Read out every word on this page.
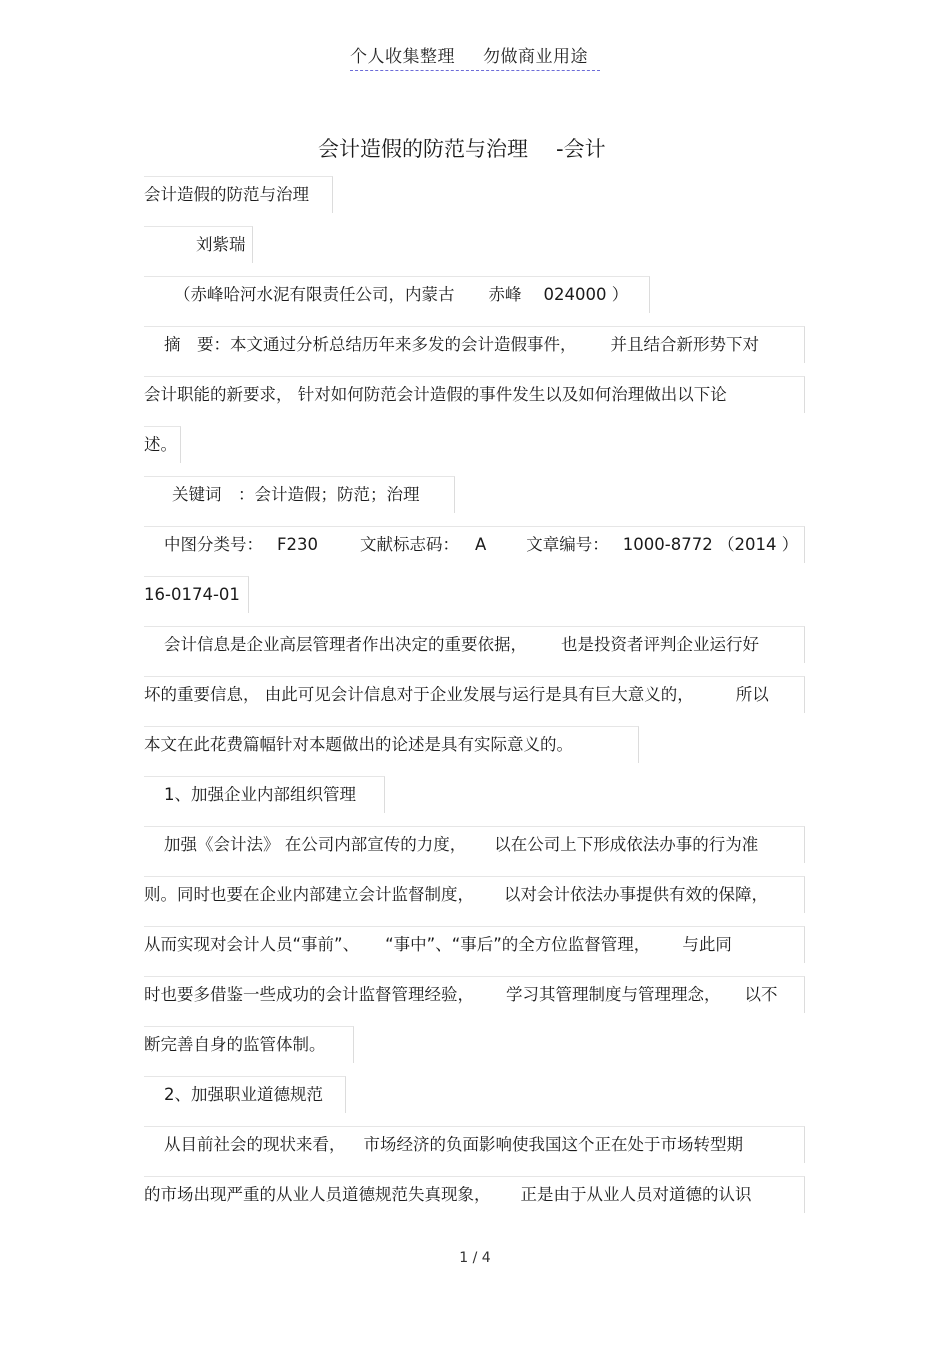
个人收集整理 勿做商业用途
会计造假的防范与治理 -会计
会计造假的防范与治理
刘紫瑞
（赤峰哈河水泥有限责任公司，内蒙古 赤峰 024000 ）
摘　要：本文通过分析总结历年来多发的会计造假事件， 并且结合新形势下对
会计职能的新要求， 针对如何防范会计造假的事件发生以及如何治理做出以下论
述。
关键词　：会计造假；防范；治理
中图分类号： F230	文献标志码： A 文章编号： 1000-8772 （2014 ）
16-0174-01
会计信息是企业高层管理者作出决定的重要依据， 也是投资者评判企业运行好
坏的重要信息， 由此可见会计信息对于企业发展与运行是具有巨大意义的，	所以
本文在此花费篇幅针对本题做出的论述是具有实际意义的。
1、加强企业内部组织管理
加强《会计法》 在公司内部宣传的力度， 以在公司上下形成依法办事的行为准
则。同时也要在企业内部建立会计监督制度， 以对会计依法办事提供有效的保障，
从而实现对会计人员“事前”、 “事中”、“事后”的全方位监督管理， 与此同
时也要多借鉴一些成功的会计监督管理经验， 学习其管理制度与管理理念， 以不
断完善自身的监管体制。
2、加强职业道德规范
从目前社会的现状来看， 市场经济的负面影响使我国这个正在处于市场转型期
的市场出现严重的从业人员道德规范失真现象， 正是由于从业人员对道德的认识
1 / 4
